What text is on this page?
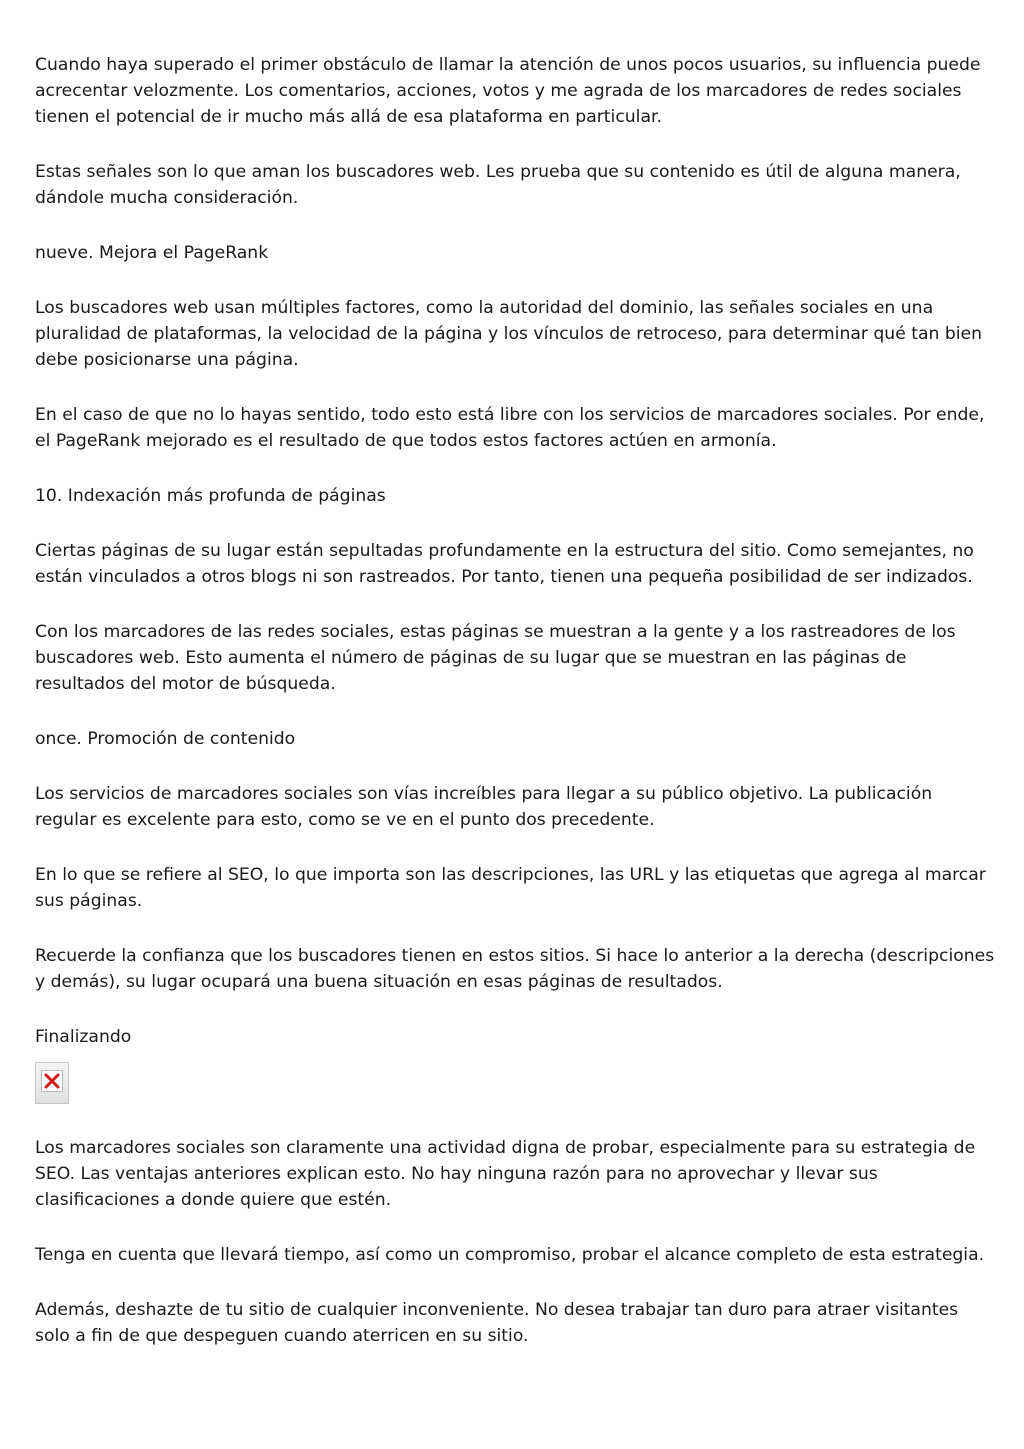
Cuando haya superado el primer obstáculo de llamar la atención de unos pocos usuarios, su influencia puede acrecentar velozmente. Los comentarios, acciones, votos y me agrada de los marcadores de redes sociales tienen el potencial de ir mucho más allá de esa plataforma en particular.

Estas señales son lo que aman los buscadores web. Les prueba que su contenido es útil de alguna manera, dándole mucha consideración.

nueve. Mejora el PageRank

Los buscadores web usan múltiples factores, como la autoridad del dominio, las señales sociales en una pluralidad de plataformas, la velocidad de la página y los vínculos de retroceso, para determinar qué tan bien debe posicionarse una página.

En el caso de que no lo hayas sentido, todo esto está libre con los servicios de marcadores sociales. Por ende, el PageRank mejorado es el resultado de que todos estos factores actúen en armonía.

10. Indexación más profunda de páginas

Ciertas páginas de su lugar están sepultadas profundamente en la estructura del sitio. Como semejantes, no están vinculados a otros blogs ni son rastreados. Por tanto, tienen una pequeña posibilidad de ser indizados.

Con los marcadores de las redes sociales, estas páginas se muestran a la gente y a los rastreadores de los buscadores web. Esto aumenta el número de páginas de su lugar que se muestran en las páginas de resultados del motor de búsqueda.

once. Promoción de contenido

Los servicios de marcadores sociales son vías increíbles para llegar a su público objetivo. La publicación regular es excelente para esto, como se ve en el punto dos precedente.

En lo que se refiere al SEO, lo que importa son las descripciones, las URL y las etiquetas que agrega al marcar sus páginas.

Recuerde la confianza que los buscadores tienen en estos sitios. Si hace lo anterior a la derecha (descripciones y demás), su lugar ocupará una buena situación en esas páginas de resultados.

Finalizando

Los marcadores sociales son claramente una actividad digna de probar, especialmente para su estrategia de SEO. Las ventajas anteriores explican esto. No hay ninguna razón para no aprovechar y llevar sus clasificaciones a donde quiere que estén.

Tenga en cuenta que llevará tiempo, así como un compromiso, probar el alcance completo de esta estrategia.

Además, deshazte de tu sitio de cualquier inconveniente. No desea trabajar tan duro para atraer visitantes solo a fin de que despeguen cuando aterricen en su sitio.
